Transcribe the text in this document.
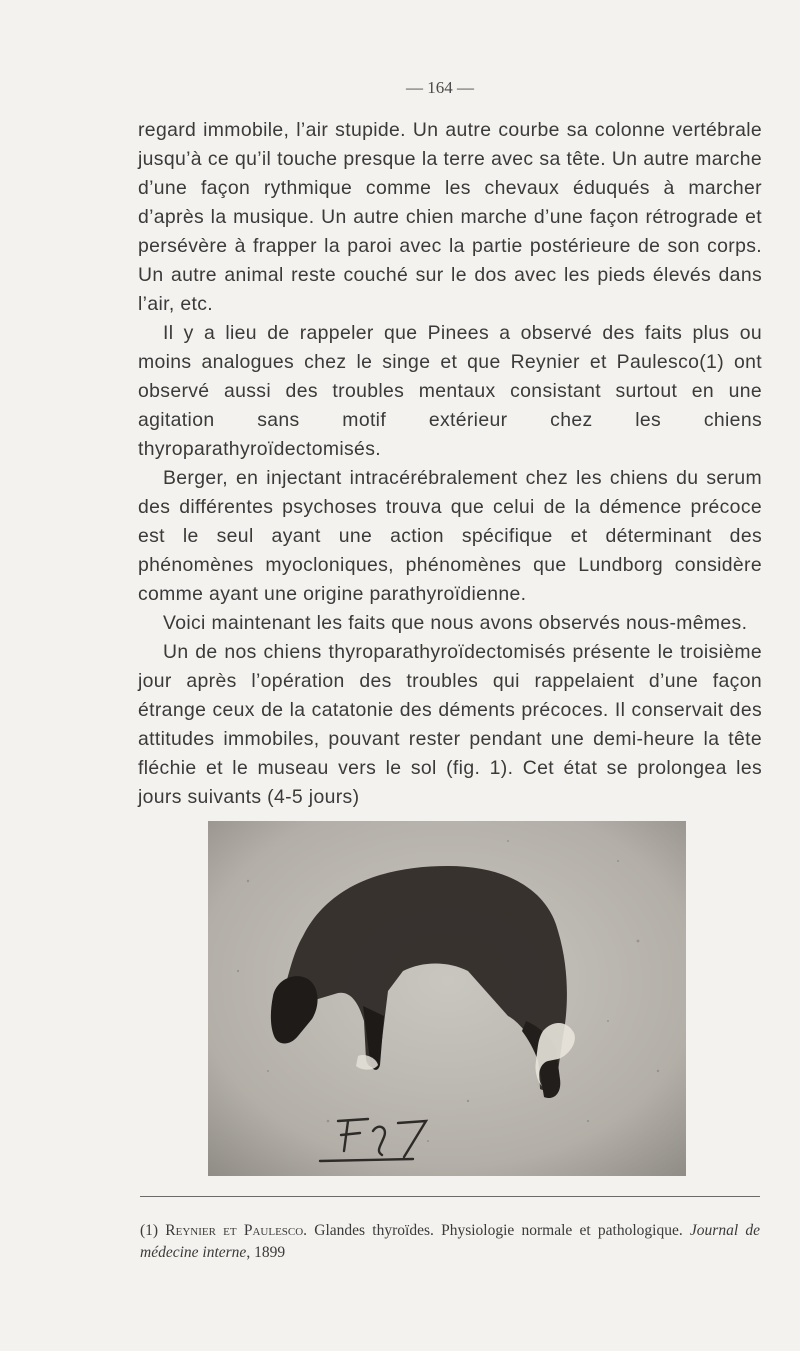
— 164 —

regard immobile, l’air stupide. Un autre courbe sa colonne vertébrale jusqu’à ce qu’il touche presque la terre avec sa tête. Un autre marche d’une façon rythmique comme les chevaux éduqués à marcher d’après la musique. Un autre chien marche d’une façon rétrograde et persévère à frapper la paroi avec la partie postérieure de son corps. Un autre animal reste couché sur le dos avec les pieds élevés dans l’air, etc.

Il y a lieu de rappeler que Pinees a observé des faits plus ou moins analogues chez le singe et que Reynier et Paulesco(1) ont observé aussi des troubles mentaux consistant surtout en une agitation sans motif extérieur chez les chiens thyroparathyroïdectomisés.

Berger, en injectant intracérébralement chez les chiens du serum des différentes psychoses trouva que celui de la démence précoce est le seul ayant une action spécifique et déterminant des phénomènes myocloniques, phénomènes que Lundborg considère comme ayant une origine parathyroïdienne.

Voici maintenant les faits que nous avons observés nous-mêmes.

Un de nos chiens thyroparathyroïdectomisés présente le troisième jour après l’opération des troubles qui rappelaient d’une façon étrange ceux de la catatonie des déments précoces. Il conservait des attitudes immobiles, pouvant rester pendant une demi-heure la tête fléchie et le museau vers le sol (fig. 1). Cet état se prolongea les jours suivants (4-5 jours)

(1) Reynier et Paulesco. Glandes thyroïdes. Physiologie normale et pathologique. Journal de médecine interne, 1899
